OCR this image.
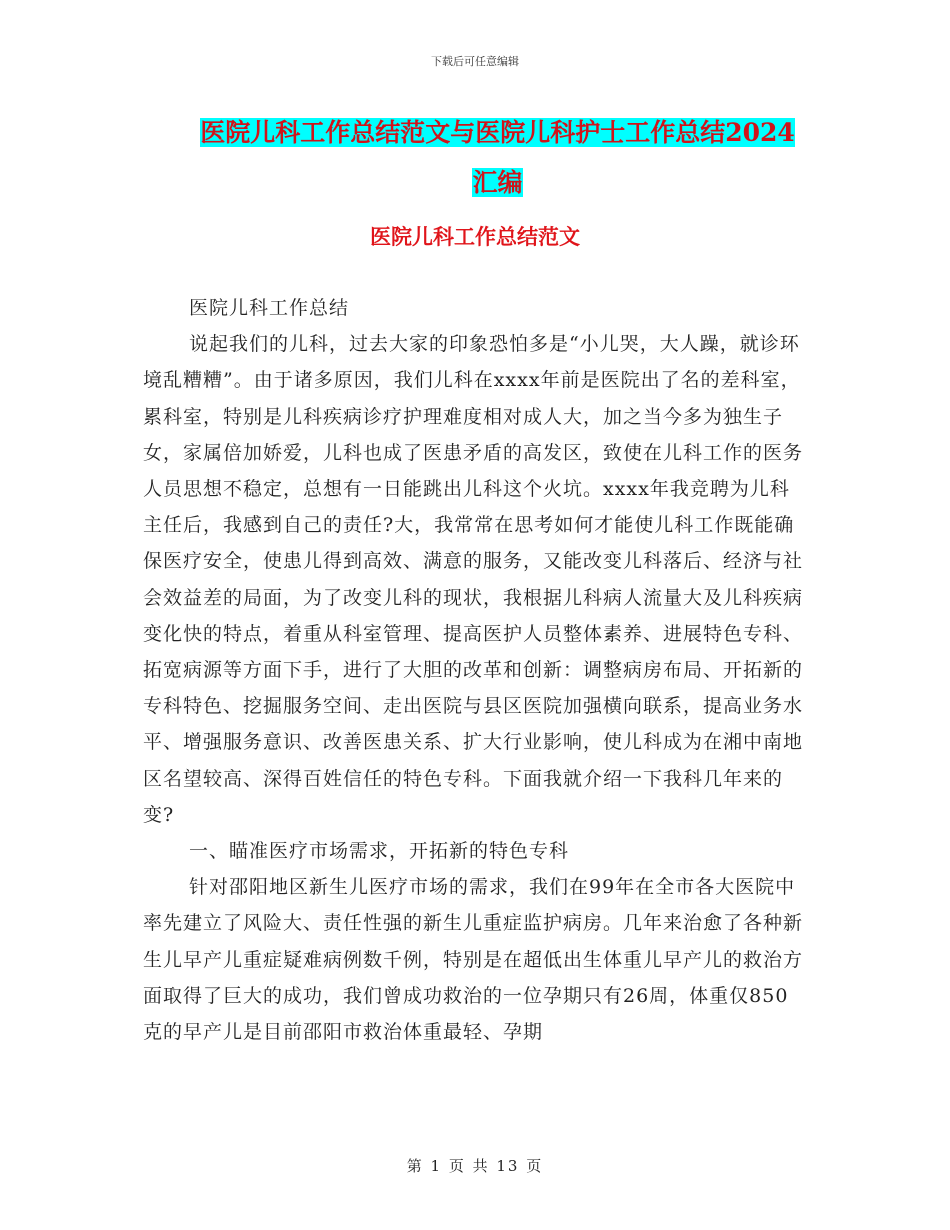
下载后可任意编辑
医院儿科工作总结范文与医院儿科护士工作总结2024
汇编
医院儿科工作总结范文

医院儿科工作总结

说起我们的儿科，过去大家的印象恐怕多是“小儿哭，大人躁，就诊环境乱糟糟”。由于诸多原因，我们儿科在xxxx年前是医院出了名的差科室，累科室，特别是儿科疾病诊疗护理难度相对成人大，加之当今多为独生子女，家属倍加娇爱，儿科也成了医患矛盾的高发区，致使在儿科工作的医务人员思想不稳定，总想有一日能跳出儿科这个火坑。xxxx年我竞聘为儿科主任后，我感到自己的责任?大，我常常在思考如何才能使儿科工作既能确保医疗安全，使患儿得到高效、满意的服务，又能改变儿科落后、经济与社会效益差的局面，为了改变儿科的现状，我根据儿科病人流量大及儿科疾病变化快的特点，着重从科室管理、提高医护人员整体素养、进展特色专科、拓宽病源等方面下手，进行了大胆的改革和创新：调整病房布局、开拓新的专科特色、挖掘服务空间、走出医院与县区医院加强横向联系，提高业务水平、增强服务意识、改善医患关系、扩大行业影响，使儿科成为在湘中南地区名望较高、深得百姓信任的特色专科。下面我就介绍一下我科几年来的变?

一、瞄准医疗市场需求，开拓新的特色专科

针对邵阳地区新生儿医疗市场的需求，我们在99年在全市各大医院中率先建立了风险大、责任性强的新生儿重症监护病房。几年来治愈了各种新生儿早产儿重症疑难病例数千例，特别是在超低出生体重儿早产儿的救治方面取得了巨大的成功，我们曾成功救治的一位孕期只有26周，体重仅850克的早产儿是目前邵阳市救治体重最轻、孕期

第 1 页 共 13 页
